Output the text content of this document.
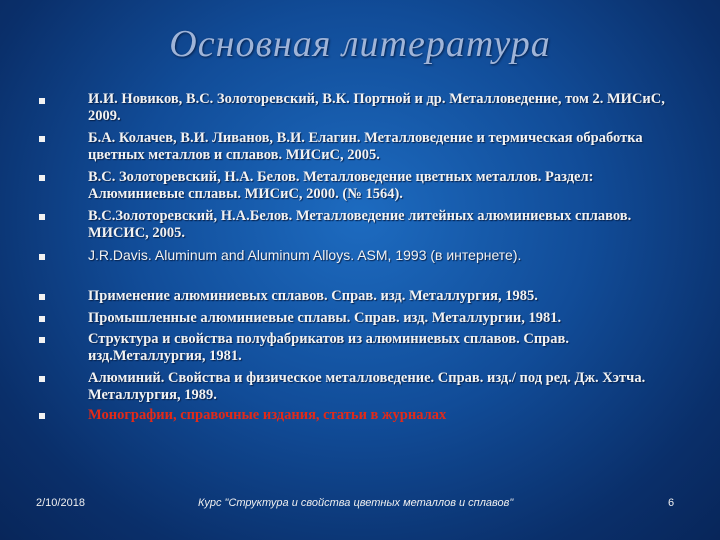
Основная литература
И.И. Новиков, В.С. Золоторевский, В.К. Портной и др. Металловедение, том 2. МИСиС, 2009.
Б.А. Колачев, В.И. Ливанов, В.И. Елагин. Металловедение и термическая обработка цветных металлов и сплавов. МИСиС, 2005.
В.С. Золоторевский, Н.А. Белов. Металловедение цветных металлов. Раздел: Алюминиевые сплавы. МИСиС, 2000. (№ 1564).
В.С.Золоторевский, Н.А.Белов. Металловедение литейных алюминиевых сплавов. МИСИС, 2005.
J.R.Davis. Aluminum and Aluminum Alloys. ASM, 1993 (в интернете).
Применение алюминиевых сплавов. Справ. изд. Металлургия, 1985.
Промышленные алюминиевые сплавы. Справ. изд. Металлургии, 1981.
Структура и свойства полуфабрикатов из алюминиевых сплавов. Справ. изд.Металлургия, 1981.
Алюминий. Свойства и физическое металловедение. Справ. изд./ под ред. Дж. Хэтча. Металлургия, 1989.
Монографии, справочные издания, статьи в журналах
2/10/2018	Курс "Структура и свойства цветных металлов и сплавов"	6
